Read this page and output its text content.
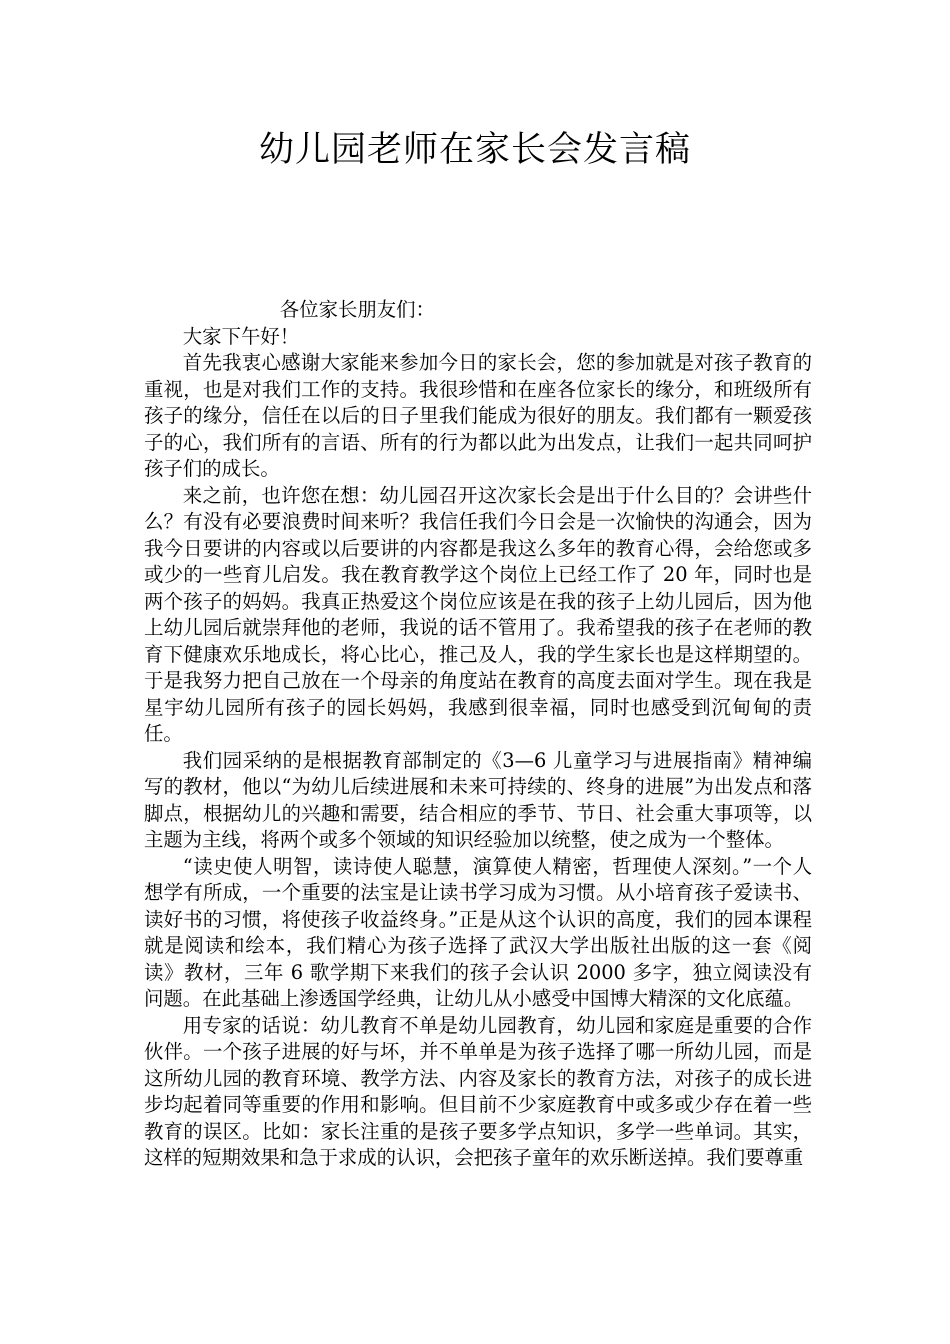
幼儿园老师在家长会发言稿

各位家长朋友们：

大家下午好！

首先我衷心感谢大家能来参加今日的家长会，您的参加就是对孩子教育的重视，也是对我们工作的支持。我很珍惜和在座各位家长的缘分，和班级所有孩子的缘分，信任在以后的日子里我们能成为很好的朋友。我们都有一颗爱孩子的心，我们所有的言语、所有的行为都以此为出发点，让我们一起共同呵护孩子们的成长。

来之前，也许您在想：幼儿园召开这次家长会是出于什么目的？会讲些什么？有没有必要浪费时间来听？我信任我们今日会是一次愉快的沟通会，因为我今日要讲的内容或以后要讲的内容都是我这么多年的教育心得，会给您或多或少的一些育儿启发。我在教育教学这个岗位上已经工作了 20 年，同时也是两个孩子的妈妈。我真正热爱这个岗位应该是在我的孩子上幼儿园后，因为他上幼儿园后就崇拜他的老师，我说的话不管用了。我希望我的孩子在老师的教育下健康欢乐地成长，将心比心，推己及人，我的学生家长也是这样期望的。于是我努力把自己放在一个母亲的角度站在教育的高度去面对学生。现在我是星宇幼儿园所有孩子的园长妈妈，我感到很幸福，同时也感受到沉甸甸的责任。

我们园采纳的是根据教育部制定的《3—6 儿童学习与进展指南》精神编写的教材，他以“为幼儿后续进展和未来可持续的、终身的进展”为出发点和落脚点，根据幼儿的兴趣和需要，结合相应的季节、节日、社会重大事项等，以主题为主线，将两个或多个领域的知识经验加以统整，使之成为一个整体。

“读史使人明智，读诗使人聪慧，演算使人精密，哲理使人深刻。”一个人想学有所成，一个重要的法宝是让读书学习成为习惯。从小培育孩子爱读书、读好书的习惯，将使孩子收益终身。”正是从这个认识的高度，我们的园本课程就是阅读和绘本，我们精心为孩子选择了武汉大学出版社出版的这一套《阅读》教材，三年 6 歌学期下来我们的孩子会认识 2000 多字，独立阅读没有问题。在此基础上渗透国学经典，让幼儿从小感受中国博大精深的文化底蕴。

用专家的话说：幼儿教育不单是幼儿园教育，幼儿园和家庭是重要的合作伙伴。一个孩子进展的好与坏，并不单单是为孩子选择了哪一所幼儿园，而是这所幼儿园的教育环境、教学方法、内容及家长的教育方法，对孩子的成长进步均起着同等重要的作用和影响。但目前不少家庭教育中或多或少存在着一些教育的误区。比如：家长注重的是孩子要多学点知识，多学一些单词。其实，这样的短期效果和急于求成的认识，会把孩子童年的欢乐断送掉。我们要尊重
